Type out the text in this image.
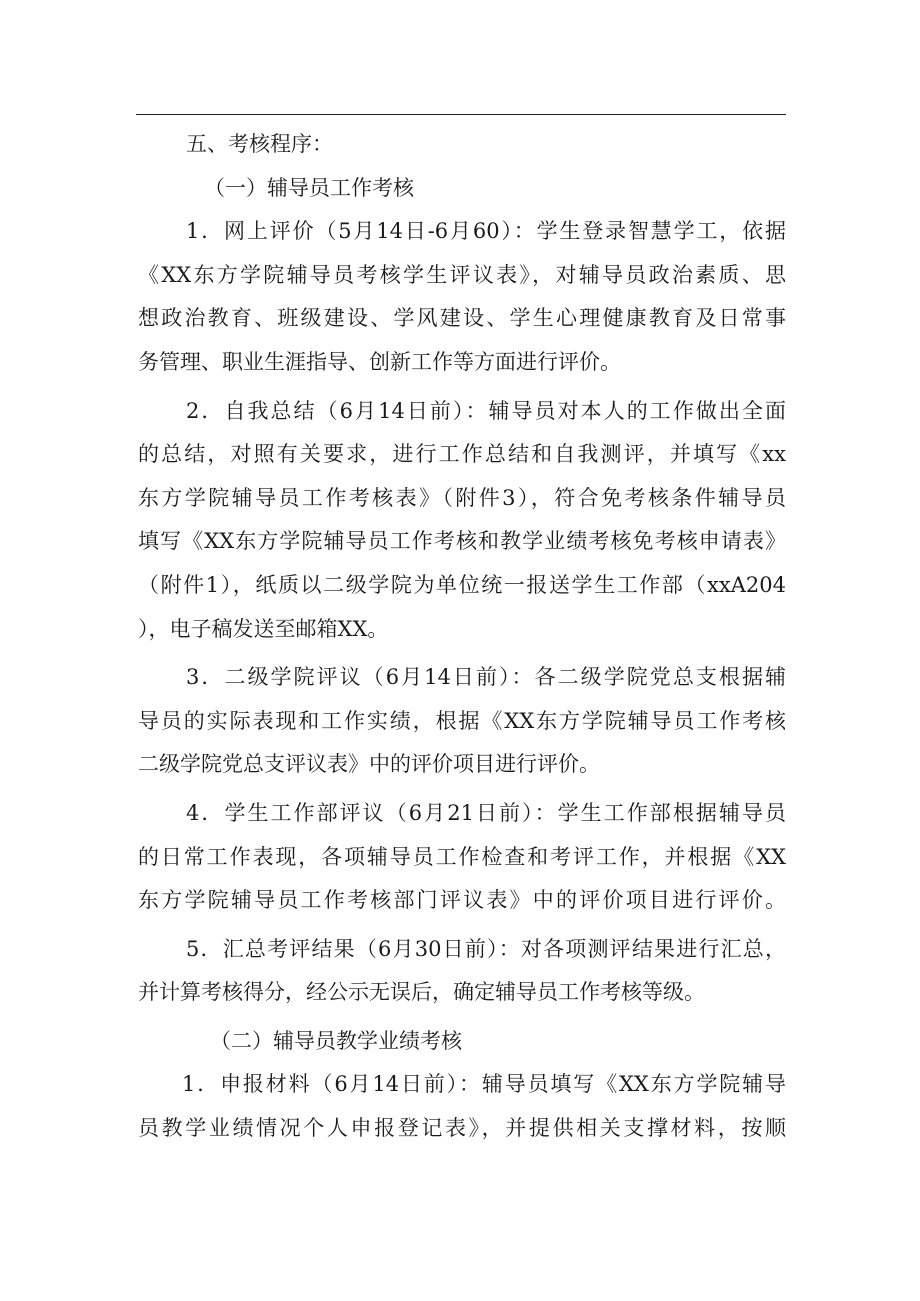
五、考核程序：
（一）辅导员工作考核
1．网上评价（5月14日-6月60）：学生登录智慧学工，依据
《XX东方学院辅导员考核学生评议表》，对辅导员政治素质、思
想政治教育、班级建设、学风建设、学生心理健康教育及日常事
务管理、职业生涯指导、创新工作等方面进行评价。
2．自我总结（6月14日前）：辅导员对本人的工作做出全面
的总结，对照有关要求，进行工作总结和自我测评，并填写《xx
东方学院辅导员工作考核表》（附件3），符合免考核条件辅导员
填写《XX东方学院辅导员工作考核和教学业绩考核免考核申请表》
（附件1），纸质以二级学院为单位统一报送学生工作部（xxA204
），电子稿发送至邮箱XX。
3．二级学院评议（6月14日前）：各二级学院党总支根据辅
导员的实际表现和工作实绩，根据《XX东方学院辅导员工作考核
二级学院党总支评议表》中的评价项目进行评价。
4．学生工作部评议（6月21日前）：学生工作部根据辅导员
的日常工作表现，各项辅导员工作检查和考评工作，并根据《XX
东方学院辅导员工作考核部门评议表》中的评价项目进行评价。
5．汇总考评结果（6月30日前）：对各项测评结果进行汇总，
并计算考核得分，经公示无误后，确定辅导员工作考核等级。
（二）辅导员教学业绩考核
1．申报材料（6月14日前）：辅导员填写《XX东方学院辅导
员教学业绩情况个人申报登记表》，并提供相关支撑材料，按顺
